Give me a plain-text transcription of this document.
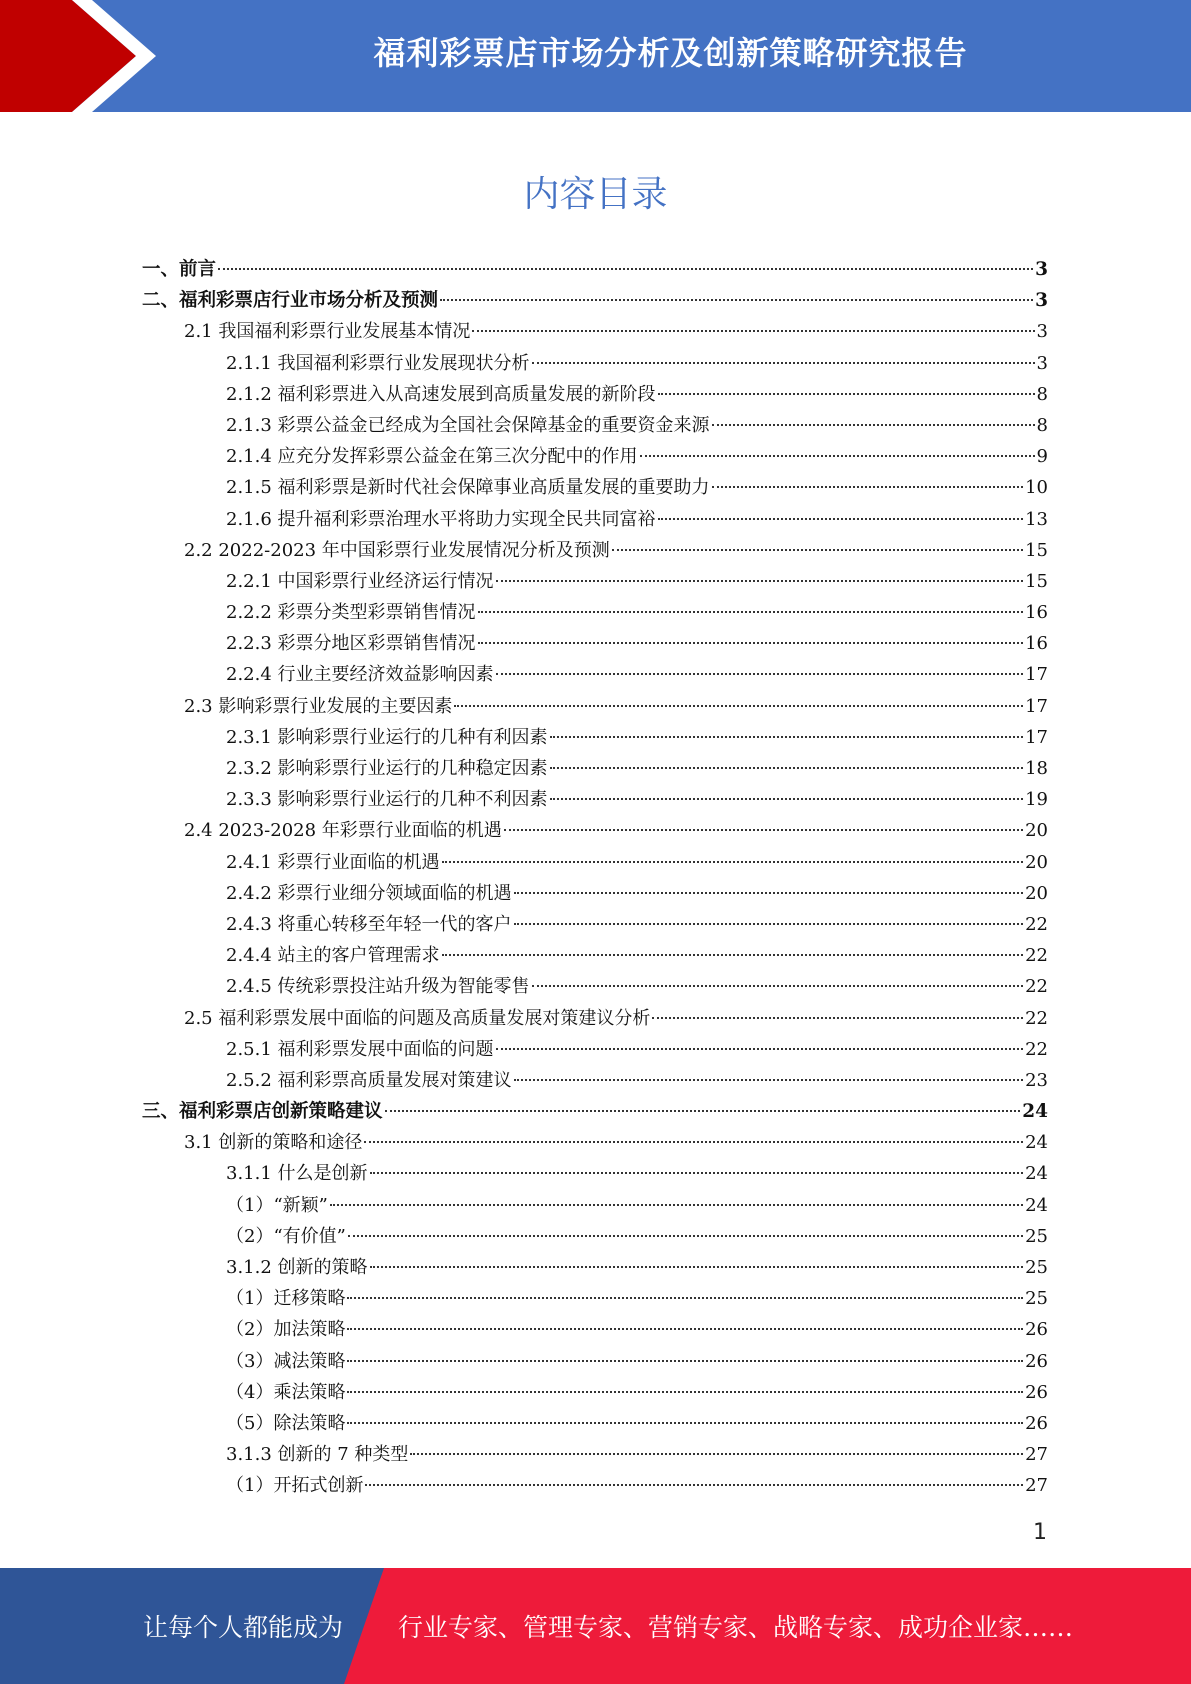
福利彩票店市场分析及创新策略研究报告
内容目录
一、前言	3
二、福利彩票店行业市场分析及预测	3
2.1 我国福利彩票行业发展基本情况	3
2.1.1 我国福利彩票行业发展现状分析	3
2.1.2 福利彩票进入从高速发展到高质量发展的新阶段	8
2.1.3 彩票公益金已经成为全国社会保障基金的重要资金来源	8
2.1.4 应充分发挥彩票公益金在第三次分配中的作用	9
2.1.5 福利彩票是新时代社会保障事业高质量发展的重要助力	10
2.1.6 提升福利彩票治理水平将助力实现全民共同富裕	13
2.2 2022-2023 年中国彩票行业发展情况分析及预测	15
2.2.1 中国彩票行业经济运行情况	15
2.2.2 彩票分类型彩票销售情况	16
2.2.3 彩票分地区彩票销售情况	16
2.2.4 行业主要经济效益影响因素	17
2.3 影响彩票行业发展的主要因素	17
2.3.1 影响彩票行业运行的几种有利因素	17
2.3.2 影响彩票行业运行的几种稳定因素	18
2.3.3 影响彩票行业运行的几种不利因素	19
2.4 2023-2028 年彩票行业面临的机遇	20
2.4.1 彩票行业面临的机遇	20
2.4.2 彩票行业细分领域面临的机遇	20
2.4.3 将重心转移至年轻一代的客户	22
2.4.4 站主的客户管理需求	22
2.4.5 传统彩票投注站升级为智能零售	22
2.5 福利彩票发展中面临的问题及高质量发展对策建议分析	22
2.5.1 福利彩票发展中面临的问题	22
2.5.2 福利彩票高质量发展对策建议	23
三、福利彩票店创新策略建议	24
3.1 创新的策略和途径	24
3.1.1 什么是创新	24
（1）“新颖”	24
（2）“有价值”	25
3.1.2 创新的策略	25
（1）迁移策略	25
（2）加法策略	26
（3）减法策略	26
（4）乘法策略	26
（5）除法策略	26
3.1.3 创新的 7 种类型	27
（1）开拓式创新	27
1
让每个人都能成为 行业专家、管理专家、营销专家、战略专家、成功企业家……
